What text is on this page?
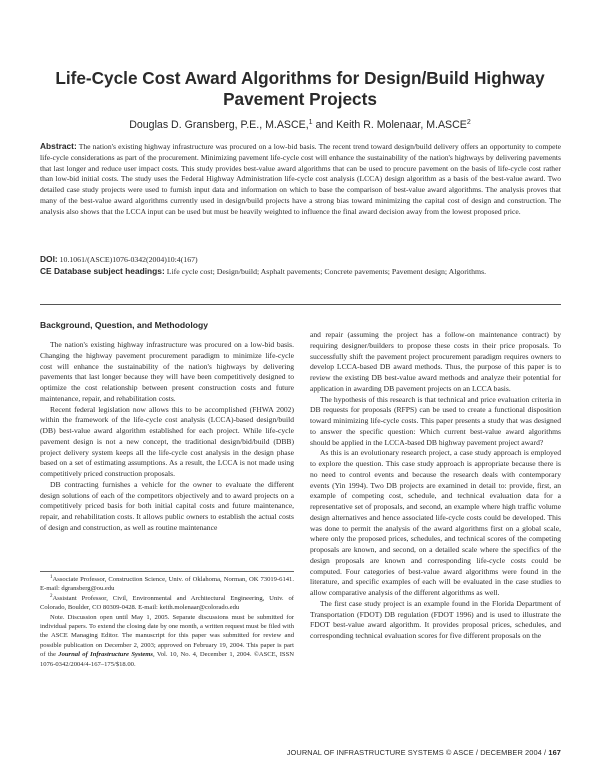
Life-Cycle Cost Award Algorithms for Design/Build Highway Pavement Projects
Douglas D. Gransberg, P.E., M.ASCE,$^1$ and Keith R. Molenaar, M.ASCE$^2$
Abstract: The nation's existing highway infrastructure was procured on a low-bid basis. The recent trend toward design/build delivery offers an opportunity to compete life-cycle considerations as part of the procurement. Minimizing pavement life-cycle cost will enhance the sustainability of the nation's highways by delivering pavements that last longer and reduce user impact costs. This study provides best-value award algorithms that can be used to procure pavement on the basis of life-cycle cost rather than low-bid initial costs. The study uses the Federal Highway Administration life-cycle cost analysis (LCCA) design algorithm as a basis of the best-value award. Two detailed case study projects were used to furnish input data and information on which to base the comparison of best-value award algorithms. The analysis proves that many of the best-value award algorithms currently used in design/build projects have a strong bias toward minimizing the capital cost of design and construction. The analysis also shows that the LCCA input can be used but must be heavily weighted to influence the final award decision away from the lowest proposed price.
DOI: 10.1061/(ASCE)1076-0342(2004)10:4(167)
CE Database subject headings: Life cycle cost; Design/build; Asphalt pavements; Concrete pavements; Pavement design; Algorithms.
Background, Question, and Methodology

The nation's existing highway infrastructure was procured on a low-bid basis. Changing the highway pavement procurement paradigm to minimize life-cycle cost will enhance the sustainability of the nation's highways by delivering pavements that last longer because they will have been competitively designed to optimize the cost relationship between present construction costs and future maintenance, repair, and rehabilitation costs.

Recent federal legislation now allows this to be accomplished (FHWA 2002) within the framework of the life-cycle cost analysis (LCCA)-based design/build (DB) best-value award algorithm established for each project. While life-cycle pavement design is not a new concept, the traditional design/bid/build (DBB) project delivery system keeps all the life-cycle cost analysis in the design phase based on a set of estimating assumptions. As a result, the LCCA is not made using competitively priced construction proposals.

DB contracting furnishes a vehicle for the owner to evaluate the different design solutions of each of the competitors objectively and to award projects on a competitively priced basis for both initial capital costs and future maintenance, repair, and rehabilitation costs. It allows public owners to establish the actual costs of design and construction, as well as routine maintenance

$^1$Associate Professor, Construction Science, Univ. of Oklahoma, Norman, OK 73019-6141. E-mail: dgransberg@ou.edu

$^2$Assistant Professor, Civil, Environmental and Architectural Engineering, Univ. of Colorado, Boulder, CO 80309-0428. E-mail: keith.molenaar@colorado.edu

Note. Discussion open until May 1, 2005. Separate discussions must be submitted for individual papers. To extend the closing date by one month, a written request must be filed with the ASCE Managing Editor. The manuscript for this paper was submitted for review and possible publication on December 2, 2003; approved on February 19, 2004. This paper is part of the Journal of Infrastructure Systems, Vol. 10, No. 4, December 1, 2004. ©ASCE, ISSN 1076-0342/2004/4-167–175/$18.00.

and repair (assuming the project has a follow-on maintenance contract) by requiring designer/builders to propose these costs in their price proposals. To successfully shift the pavement project procurement paradigm requires owners to develop LCCA-based DB award methods. Thus, the purpose of this paper is to review the existing DB best-value award methods and analyze their potential for application in awarding DB pavement projects on an LCCA basis.

The hypothesis of this research is that technical and price evaluation criteria in DB requests for proposals (RFPS) can be used to create a functional disposition toward minimizing life-cycle costs. This paper presents a study that was designed to answer the specific question: Which current best-value award algorithms should be applied in the LCCA-based DB highway pavement project award?

As this is an evolutionary research project, a case study approach is employed to explore the question. This case study approach is appropriate because there is no need to control events and because the research deals with contemporary events (Yin 1994). Two DB projects are examined in detail to: provide, first, an example of competing cost, schedule, and technical evaluation data for a representative set of proposals, and second, an example where high traffic volume design alternatives and hence associated life-cycle costs could be developed. This was done to permit the analysis of the award algorithms first on a global scale, where only the proposed prices, schedules, and technical scores of the competing proposals are known, and second, on a detailed scale where the specifics of the design proposals are known and corresponding life-cycle costs could be computed. Four categories of best-value award algorithms were found in the literature, and specific examples of each will be evaluated in the case studies to allow comparative analysis of the different algorithms as well.

The first case study project is an example found in the Florida Department of Transportation (FDOT) DB regulation (FDOT 1996) and is used to illustrate the FDOT best-value award algorithm. It provides proposal prices, schedules, and corresponding technical evaluation scores for five different proposals on the

JOURNAL OF INFRASTRUCTURE SYSTEMS © ASCE / DECEMBER 2004 / 167
